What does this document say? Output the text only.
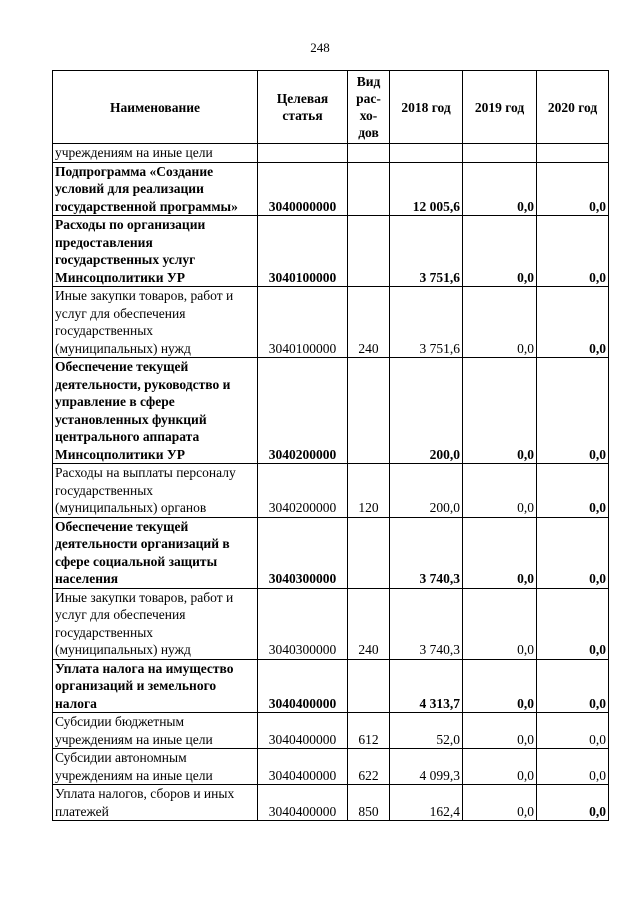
248
Наименование	Целевая статья	Вид рас-хо-дов	2018 год	2019 год	2020 год
учреждениям на иные цели					
Подпрограмма «Создание условий для реализации государственной программы»	3040000000		12 005,6	0,0	0,0
Расходы по организации предоставления государственных услуг Минсоцполитики УР	3040100000		3 751,6	0,0	0,0
Иные закупки товаров, работ и услуг для обеспечения государственных (муниципальных) нужд	3040100000	240	3 751,6	0,0	0,0
Обеспечение текущей деятельности, руководство и управление в сфере установленных функций центрального аппарата Минсоцполитики УР	3040200000		200,0	0,0	0,0
Расходы на выплаты персоналу государственных (муниципальных) органов	3040200000	120	200,0	0,0	0,0
Обеспечение текущей деятельности организаций в сфере социальной защиты населения	3040300000		3 740,3	0,0	0,0
Иные закупки товаров, работ и услуг для обеспечения государственных (муниципальных) нужд	3040300000	240	3 740,3	0,0	0,0
Уплата налога на имущество организаций и земельного налога	3040400000		4 313,7	0,0	0,0
Субсидии бюджетным учреждениям на иные цели	3040400000	612	52,0	0,0	0,0
Субсидии автономным учреждениям на иные цели	3040400000	622	4 099,3	0,0	0,0
Уплата налогов, сборов и иных платежей	3040400000	850	162,4	0,0	0,0
